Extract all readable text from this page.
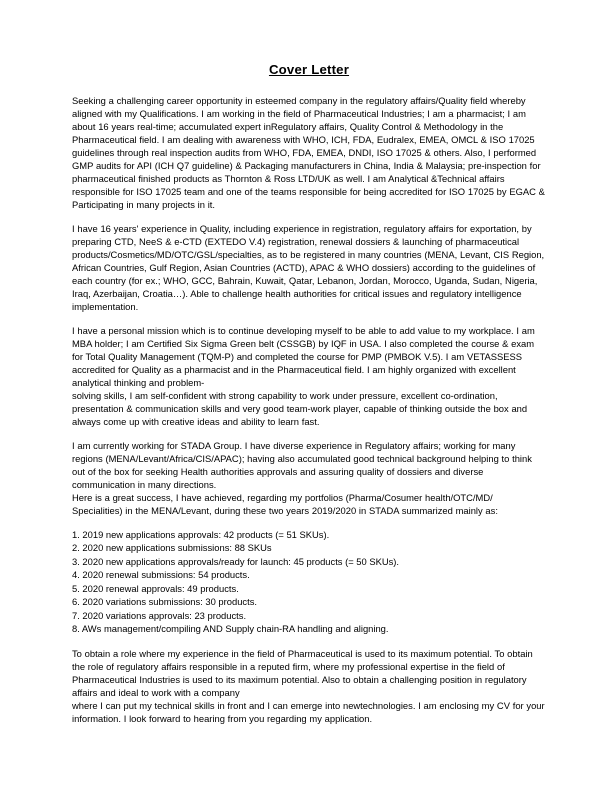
Cover Letter

Seeking a challenging career opportunity in esteemed company in the regulatory affairs/Quality field whereby aligned with my Qualifications. I am working in the field of Pharmaceutical Industries; I am a pharmacist; I am about 16 years real-time; accumulated expert inRegulatory affairs, Quality Control & Methodology in the Pharmaceutical field. I am dealing with awareness with WHO, ICH, FDA, Eudralex, EMEA, OMCL & ISO 17025 guidelines through real inspection audits from WHO, FDA, EMEA, DNDI, ISO 17025 & others. Also, I performed GMP audits for API (ICH Q7 guideline) & Packaging manufacturers in China, India & Malaysia; pre-inspection for pharmaceutical finished products as Thornton & Ross LTD/UK as well. I am Analytical &Technical affairs responsible for ISO 17025 team and one of the teams responsible for being accredited for ISO 17025 by EGAC & Participating in many projects in it.

I have 16 years' experience in Quality, including experience in registration, regulatory affairs for exportation, by preparing CTD, NeeS & e-CTD (EXTEDO V.4) registration, renewal dossiers & launching of pharmaceutical products/Cosmetics/MD/OTC/GSL/specialties, as to be registered in many countries (MENA, Levant, CIS Region, African Countries, Gulf Region, Asian Countries (ACTD), APAC & WHO dossiers) according to the guidelines of each country (for ex.; WHO, GCC, Bahrain, Kuwait, Qatar, Lebanon, Jordan, Morocco, Uganda, Sudan, Nigeria, Iraq, Azerbaijan, Croatia…). Able to challenge health authorities for critical issues and regulatory intelligence implementation.

I have a personal mission which is to continue developing myself to be able to add value to my workplace. I am MBA holder; I am Certified Six Sigma Green belt (CSSGB) by IQF in USA. I also completed the course & exam for Total Quality Management (TQM-P) and completed the course for PMP (PMBOK V.5). I am VETASSESS accredited for Quality as a pharmacist and in the Pharmaceutical field. I am highly organized with excellent analytical thinking and problem-

solving skills, I am self-confident with strong capability to work under pressure, excellent co-ordination, presentation & communication skills and very good team-work player, capable of thinking outside the box and always come up with creative ideas and ability to learn fast.

I am currently working for STADA Group. I have diverse experience in Regulatory affairs; working for many regions (MENA/Levant/Africa/CIS/APAC); having also accumulated good technical background helping to think out of the box for seeking Health authorities approvals and assuring quality of dossiers and diverse communication in many directions.

Here is a great success, I have achieved, regarding my portfolios (Pharma/Cosumer health/OTC/MD/ Specialities) in the MENA/Levant, during these two years 2019/2020 in STADA summarized mainly as:

1. 2019 new applications approvals: 42 products (= 51 SKUs).
2. 2020 new applications submissions: 88 SKUs
3. 2020 new applications approvals/ready for launch: 45 products (= 50 SKUs).
4. 2020 renewal submissions: 54 products.
5. 2020 renewal approvals: 49 products.
6. 2020 variations submissions: 30 products.
7. 2020 variations approvals: 23 products.
8. AWs management/compiling AND Supply chain-RA handling and aligning.

To obtain a role where my experience in the field of Pharmaceutical is used to its maximum potential. To obtain the role of regulatory affairs responsible in a reputed firm, where my professional expertise in the field of Pharmaceutical Industries is used to its maximum potential. Also to obtain a challenging position in regulatory affairs and ideal to work with a company

where I can put my technical skills in front and I can emerge into newtechnologies. I am enclosing my CV for your information. I look forward to hearing from you regarding my application.
